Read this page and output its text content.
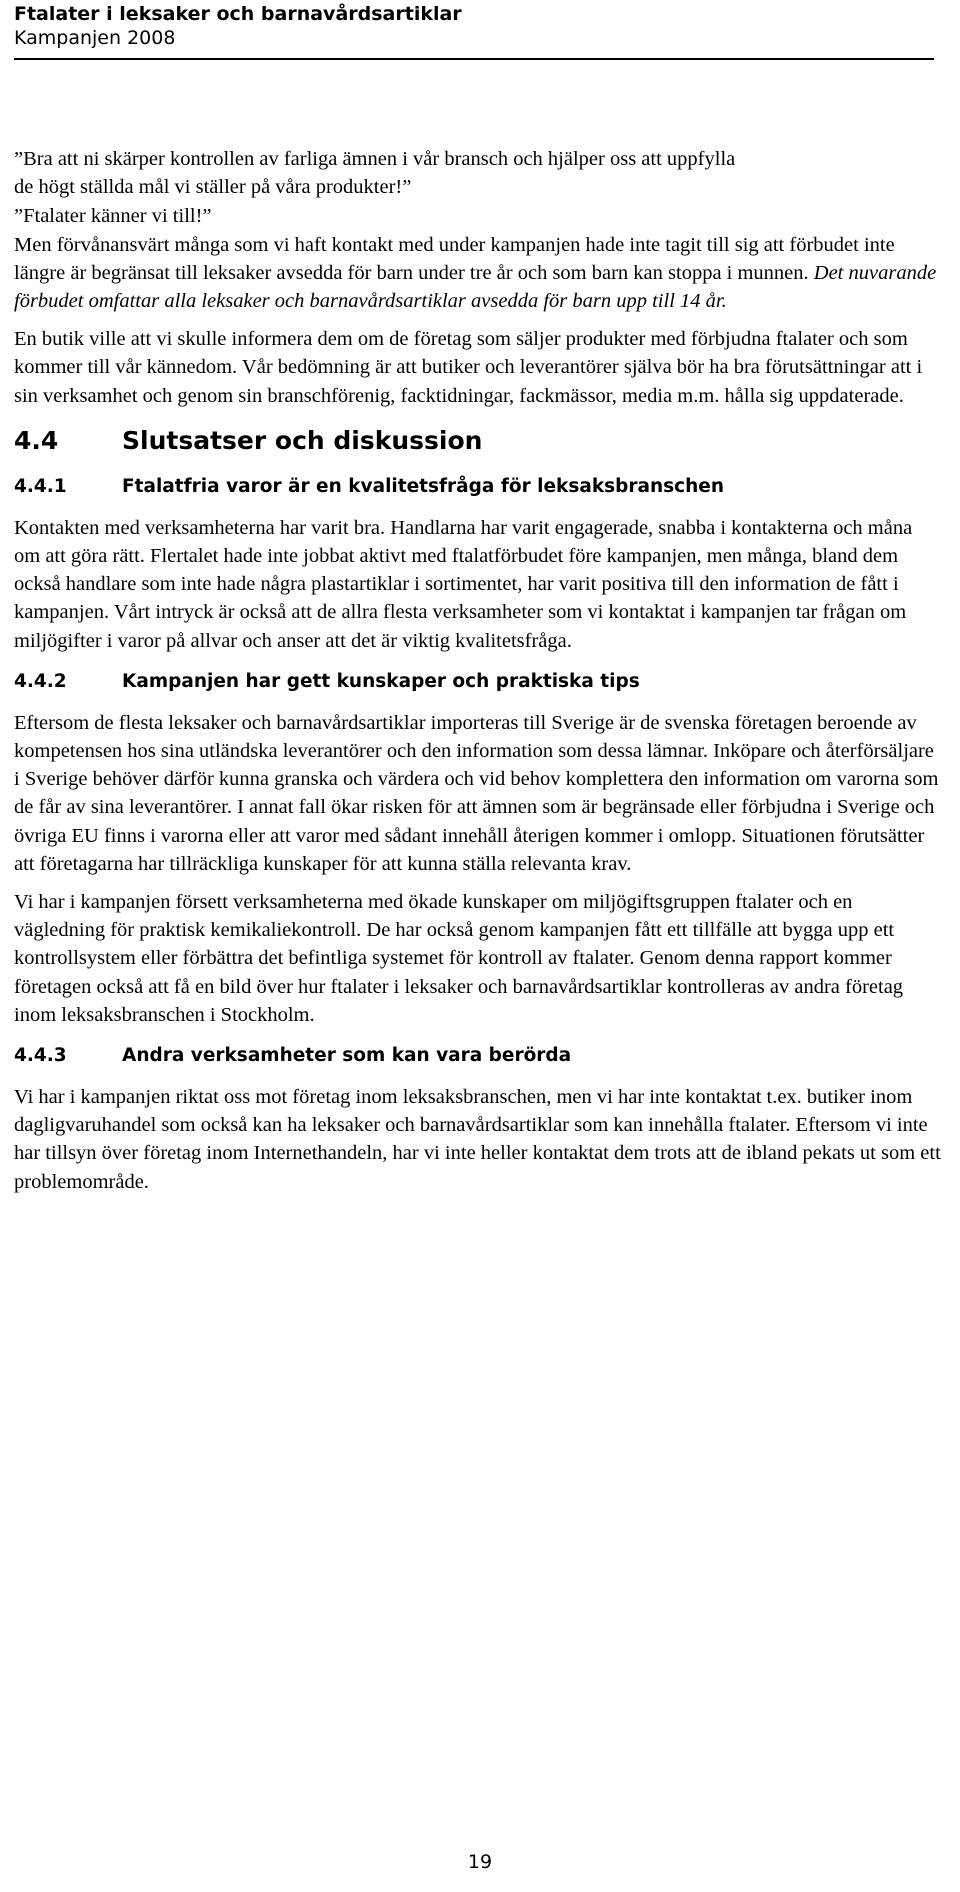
Ftalater i leksaker och barnavårdsartiklar
Kampanjen 2008
”Bra att ni skärper kontrollen av farliga ämnen i vår bransch och hjälper oss att uppfylla
de högt ställda mål vi ställer på våra produkter!”
”Ftalater känner vi till!”

Men förvånansvärt många som vi haft kontakt med under kampanjen hade inte tagit till sig att förbudet inte längre är begränsat till leksaker avsedda för barn under tre år och som barn kan stoppa i munnen. Det nuvarande förbudet omfattar alla leksaker och barnavårdsartiklar avsedda för barn upp till 14 år.

En butik ville att vi skulle informera dem om de företag som säljer produkter med förbjudna ftalater och som kommer till vår kännedom. Vår bedömning är att butiker och leverantörer själva bör ha bra förutsättningar att i sin verksamhet och genom sin branschförenig, facktidningar, fackmässor, media m.m. hålla sig uppdaterade.

4.4	Slutsatser och diskussion
4.4.1	Ftalatfria varor är en kvalitetsfråga för leksaksbranschen

Kontakten med verksamheterna har varit bra. Handlarna har varit engagerade, snabba i kontakterna och måna om att göra rätt. Flertalet hade inte jobbat aktivt med ftalatförbudet före kampanjen, men många, bland dem också handlare som inte hade några plastartiklar i sortimentet, har varit positiva till den information de fått i kampanjen. Vårt intryck är också att de allra flesta verksamheter som vi kontaktat i kampanjen tar frågan om miljögifter i varor på allvar och anser att det är viktig kvalitetsfråga.

4.4.2	Kampanjen har gett kunskaper och praktiska tips

Eftersom de flesta leksaker och barnavårdsartiklar importeras till Sverige är de svenska företagen beroende av kompetensen hos sina utländska leverantörer och den information som dessa lämnar. Inköpare och återförsäljare i Sverige behöver därför kunna granska och värdera och vid behov komplettera den information om varorna som de får av sina leverantörer. I annat fall ökar risken för att ämnen som är begränsade eller förbjudna i Sverige och övriga EU finns i varorna eller att varor med sådant innehåll återigen kommer i omlopp. Situationen förutsätter att företagarna har tillräckliga kunskaper för att kunna ställa relevanta krav.

Vi har i kampanjen försett verksamheterna med ökade kunskaper om miljögiftsgruppen ftalater och en vägledning för praktisk kemikaliekontroll. De har också genom kampanjen fått ett tillfälle att bygga upp ett kontrollsystem eller förbättra det befintliga systemet för kontroll av ftalater. Genom denna rapport kommer företagen också att få en bild över hur ftalater i leksaker och barnavårdsartiklar kontrolleras av andra företag inom leksaksbranschen i Stockholm.

4.4.3	Andra verksamheter som kan vara berörda

Vi har i kampanjen riktat oss mot företag inom leksaksbranschen, men vi har inte kontaktat t.ex. butiker inom dagligvaruhandel som också kan ha leksaker och barnavårdsartiklar som kan innehålla ftalater. Eftersom vi inte har tillsyn över företag inom Internethandeln, har vi inte heller kontaktat dem trots att de ibland pekats ut som ett problemområde.

19
